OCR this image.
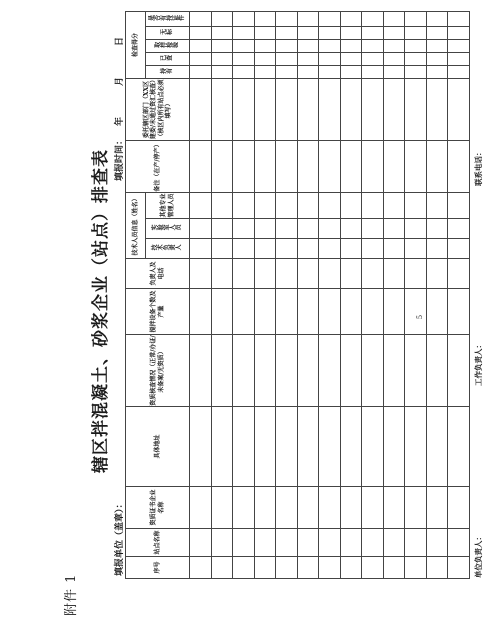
附件 1
辖区拌混凝土、砂浆企业（站点）排查表
填报单位（盖章）：
填报时间：
年
月
日
序号	站点名称	资质证书企业名称	具体地址	资质核查情况（正常/办证/未备案/无资质）	搅拌设备个数及产量	负责人及电话	技术人员信息（姓名）			备注（在产/停产）	委托辖区部门（XX区建委/未通过资汇核查）（核区内所有站点必须填写）	检查得分				
							技术负责人	实验室人员	其他专业管理人员			持有	已查	取样检验	无标	是否有持证件

单位负责人：
工作负责人：
联系电话：
5
